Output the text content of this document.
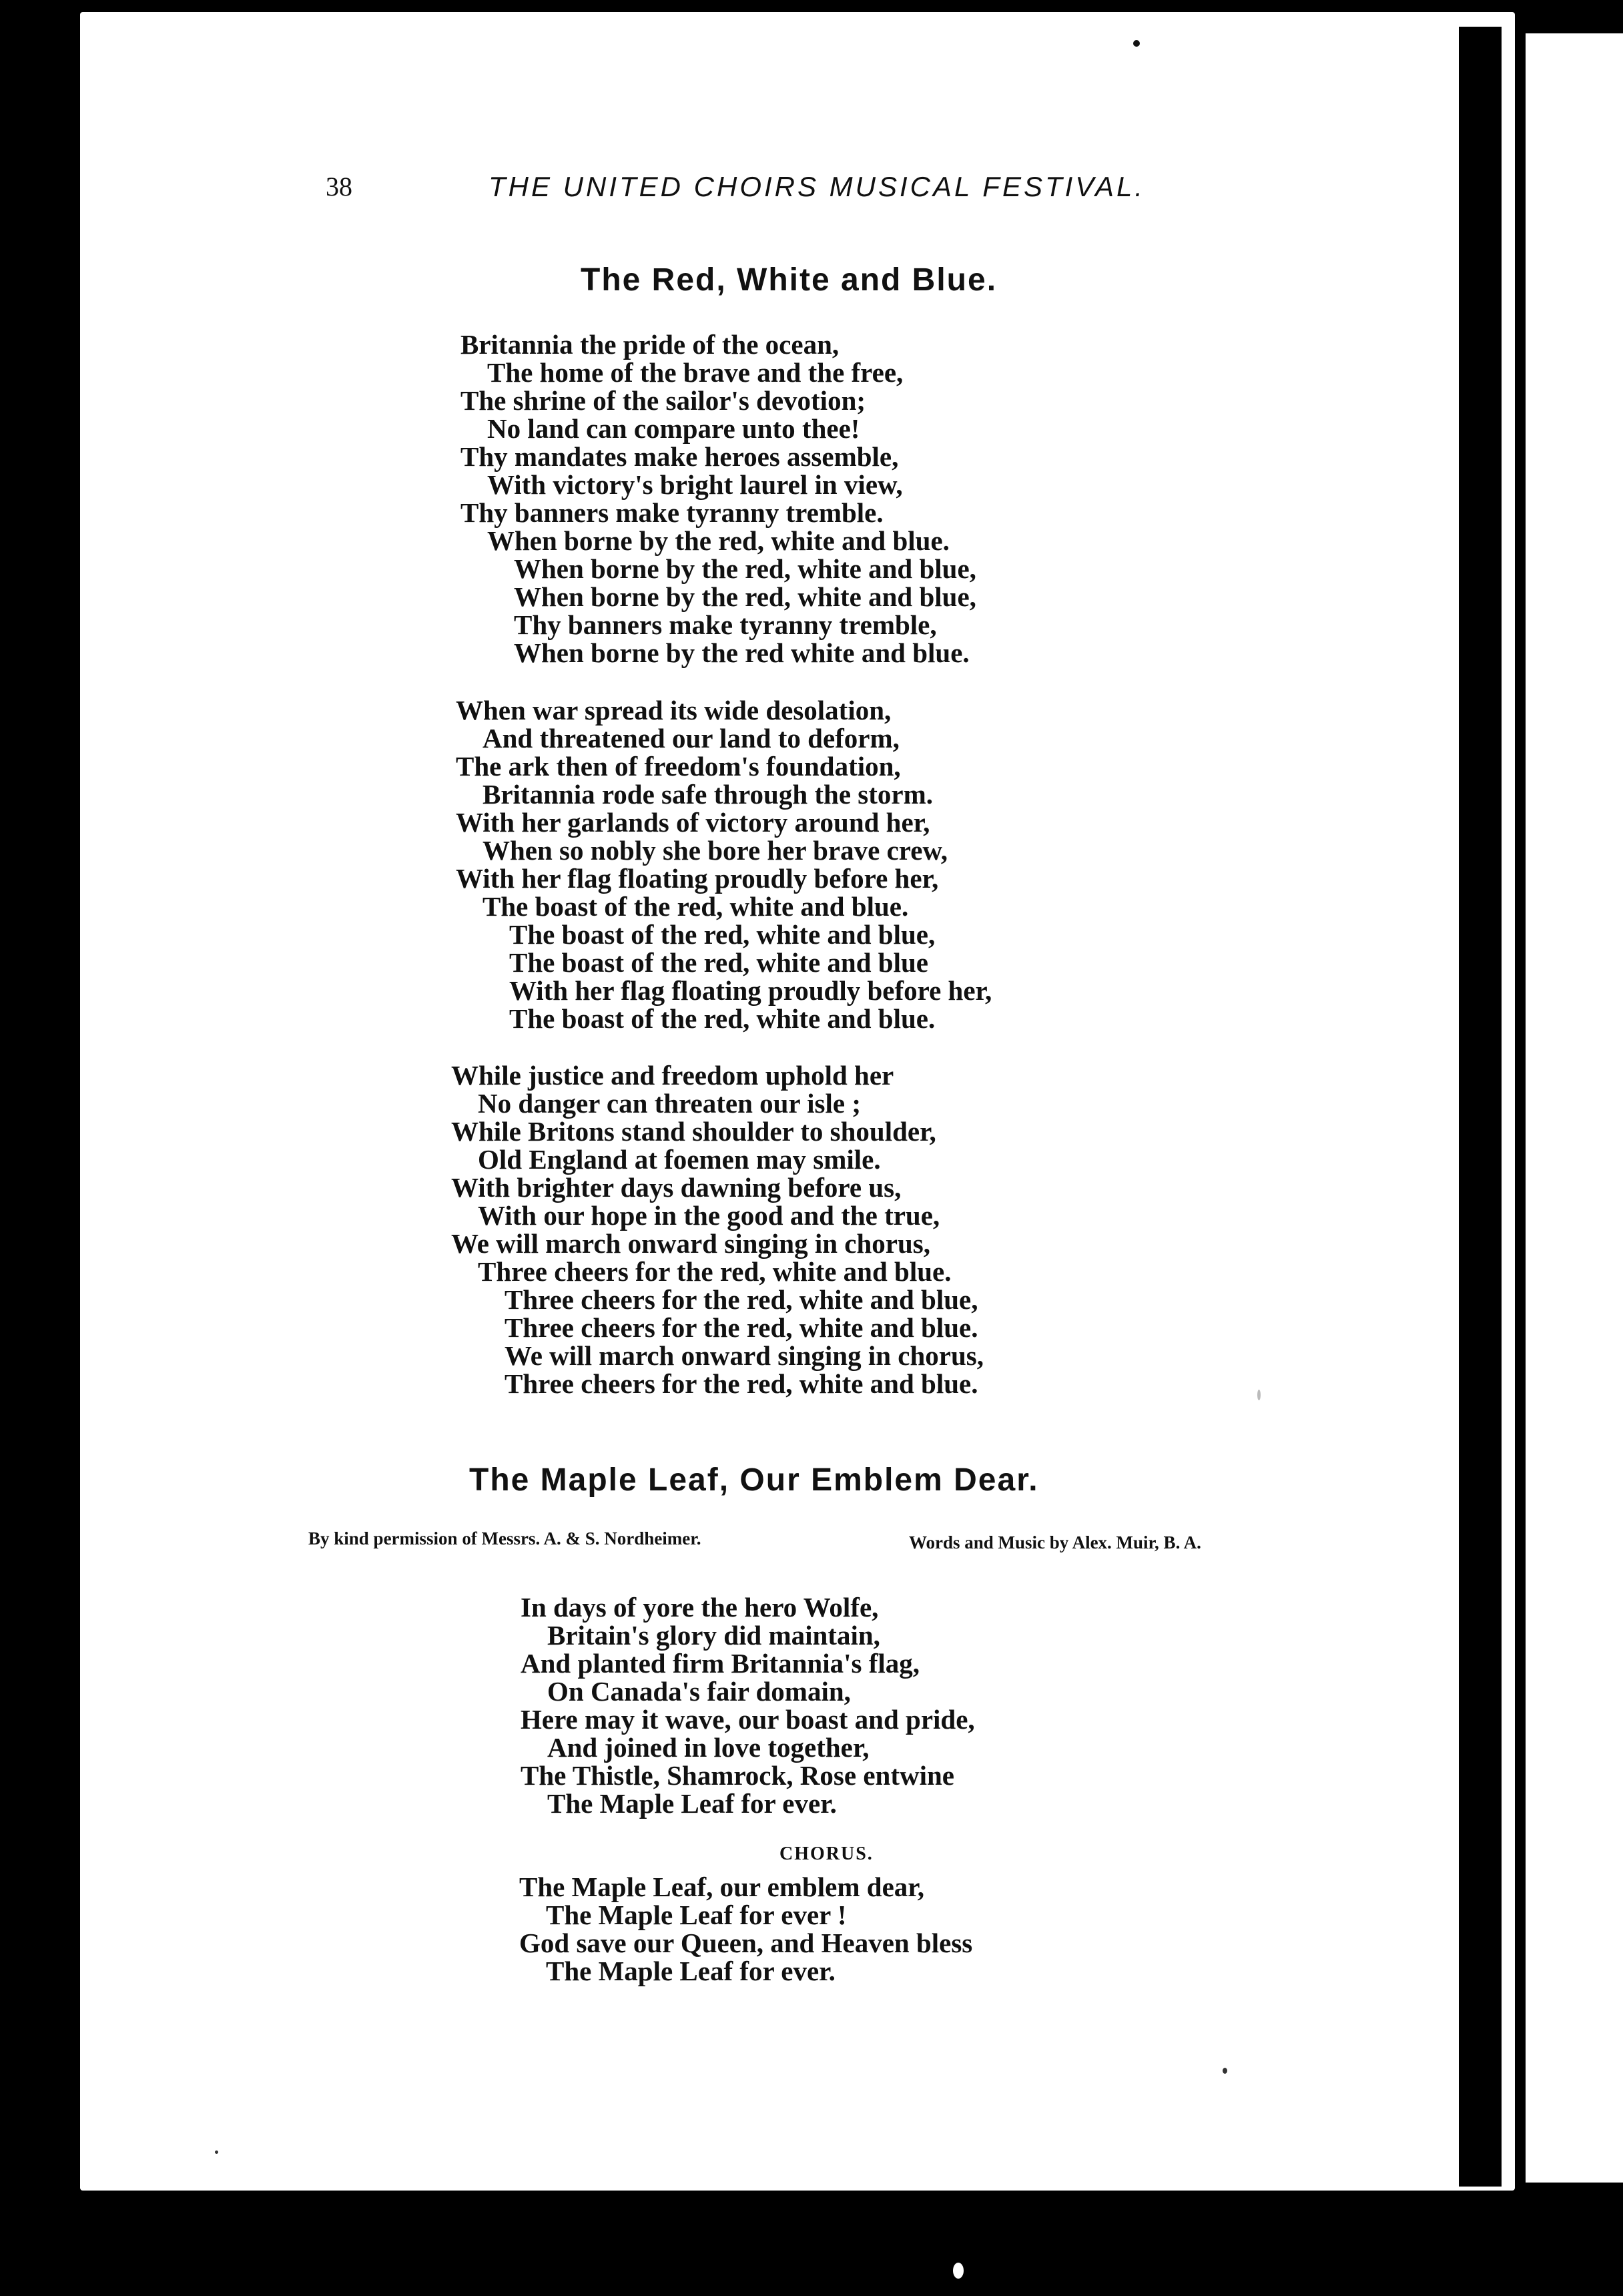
38	THE UNITED CHOIRS MUSICAL FESTIVAL.
The Red, White and Blue.
Britannia the pride of the ocean,
The home of the brave and the free,
The shrine of the sailor's devotion;
No land can compare unto thee!
Thy mandates make heroes assemble,
With victory's bright laurel in view,
Thy banners make tyranny tremble.
When borne by the red, white and blue.
When borne by the red, white and blue,
When borne by the red, white and blue,
Thy banners make tyranny tremble,
When borne by the red white and blue.
When war spread its wide desolation,
And threatened our land to deform,
The ark then of freedom's foundation,
Britannia rode safe through the storm.
With her garlands of victory around her,
When so nobly she bore her brave crew,
With her flag floating proudly before her,
The boast of the red, white and blue.
The boast of the red, white and blue,
The boast of the red, white and blue
With her flag floating proudly before her,
The boast of the red, white and blue.
While justice and freedom uphold her
No danger can threaten our isle ;
While Britons stand shoulder to shoulder,
Old England at foemen may smile.
With brighter days dawning before us,
With our hope in the good and the true,
We will march onward singing in chorus,
Three cheers for the red, white and blue.
Three cheers for the red, white and blue,
Three cheers for the red, white and blue.
We will march onward singing in chorus,
Three cheers for the red, white and blue.
The Maple Leaf, Our Emblem Dear.
By kind permission of Messrs. A. & S. Nordheimer.	Words and Music by Alex. Muir, B. A.
In days of yore the hero Wolfe,
Britain's glory did maintain,
And planted firm Britannia's flag,
On Canada's fair domain,
Here may it wave, our boast and pride,
And joined in love together,
The Thistle, Shamrock, Rose entwine
The Maple Leaf for ever.
CHORUS.
The Maple Leaf, our emblem dear,
The Maple Leaf for ever !
God save our Queen, and Heaven bless
The Maple Leaf for ever.
